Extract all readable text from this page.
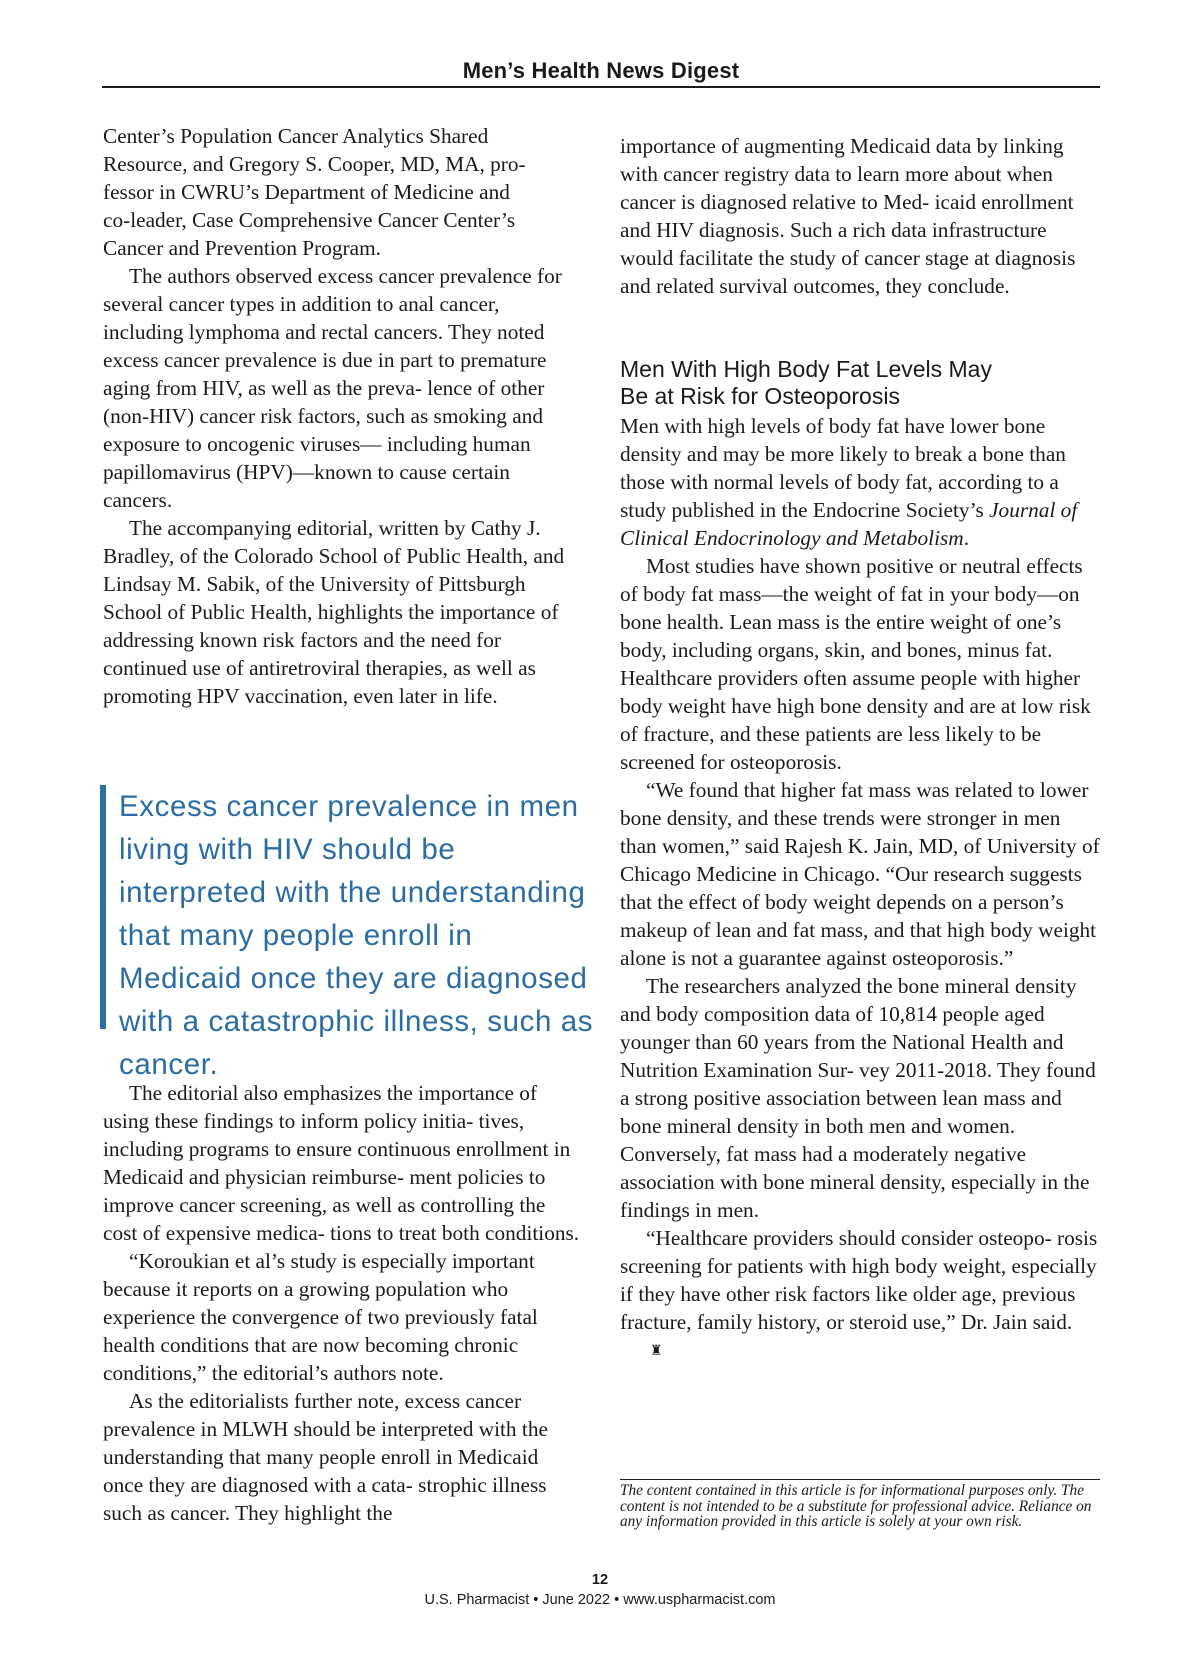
Men’s Health News Digest

Center’s Population Cancer Analytics Shared
Resource, and Gregory S. Cooper, MD, MA, pro-
fessor in CWRU’s Department of Medicine and
co-leader, Case Comprehensive Cancer Center’s
Cancer and Prevention Program.

The authors observed excess cancer prevalence for several cancer types in addition to anal cancer, including lymphoma and rectal cancers. They noted excess cancer prevalence is due in part to premature aging from HIV, as well as the preva- lence of other (non-HIV) cancer risk factors, such as smoking and exposure to oncogenic viruses— including human papillomavirus (HPV)—known to cause certain cancers.

The accompanying editorial, written by Cathy J. Bradley, of the Colorado School of Public Health, and Lindsay M. Sabik, of the University of Pittsburgh School of Public Health, highlights the importance of addressing known risk factors and the need for continued use of antiretroviral therapies, as well as promoting HPV vaccination, even later in life.

Excess cancer prevalence in men living with HIV should be interpreted with the understanding that many people enroll in Medicaid once they are diagnosed with a catastrophic illness, such as cancer.

The editorial also emphasizes the importance of using these findings to inform policy initia- tives, including programs to ensure continuous enrollment in Medicaid and physician reimburse- ment policies to improve cancer screening, as well as controlling the cost of expensive medica- tions to treat both conditions.

“Koroukian et al’s study is especially important because it reports on a growing population who experience the convergence of two previously fatal health conditions that are now becoming chronic conditions,” the editorial’s authors note.

As the editorialists further note, excess cancer prevalence in MLWH should be interpreted with the understanding that many people enroll in Medicaid once they are diagnosed with a cata- strophic illness such as cancer. They highlight the

importance of augmenting Medicaid data by linking with cancer registry data to learn more about when cancer is diagnosed relative to Med- icaid enrollment and HIV diagnosis. Such a rich data infrastructure would facilitate the study of cancer stage at diagnosis and related survival outcomes, they conclude.

Men With High Body Fat Levels May
Be at Risk for Osteoporosis

Men with high levels of body fat have lower bone density and may be more likely to break a bone than those with normal levels of body fat, according to a study published in the Endocrine Society’s Journal of Clinical Endocrinology and Metabolism.

Most studies have shown positive or neutral effects of body fat mass—the weight of fat in your body—on bone health. Lean mass is the entire weight of one’s body, including organs, skin, and bones, minus fat. Healthcare providers often assume people with higher body weight have high bone density and are at low risk of fracture, and these patients are less likely to be screened for osteoporosis.

“We found that higher fat mass was related to lower bone density, and these trends were stronger in men than women,” said Rajesh K. Jain, MD, of University of Chicago Medicine in Chicago. “Our research suggests that the effect of body weight depends on a person’s makeup of lean and fat mass, and that high body weight alone is not a guarantee against osteoporosis.”

The researchers analyzed the bone mineral density and body composition data of 10,814 people aged younger than 60 years from the National Health and Nutrition Examination Sur- vey 2011-2018. They found a strong positive association between lean mass and bone mineral density in both men and women. Conversely, fat mass had a moderately negative association with bone mineral density, especially in the findings in men.

“Healthcare providers should consider osteopo- rosis screening for patients with high body weight, especially if they have other risk factors like older age, previous fracture, family history, or steroid use,” Dr. Jain said.♜

The content contained in this article is for informational purposes only. The content is not intended to be a substitute for professional advice. Reliance on any information provided in this article is solely at your own risk.
12
U.S. Pharmacist • June 2022 • www.uspharmacist.com
